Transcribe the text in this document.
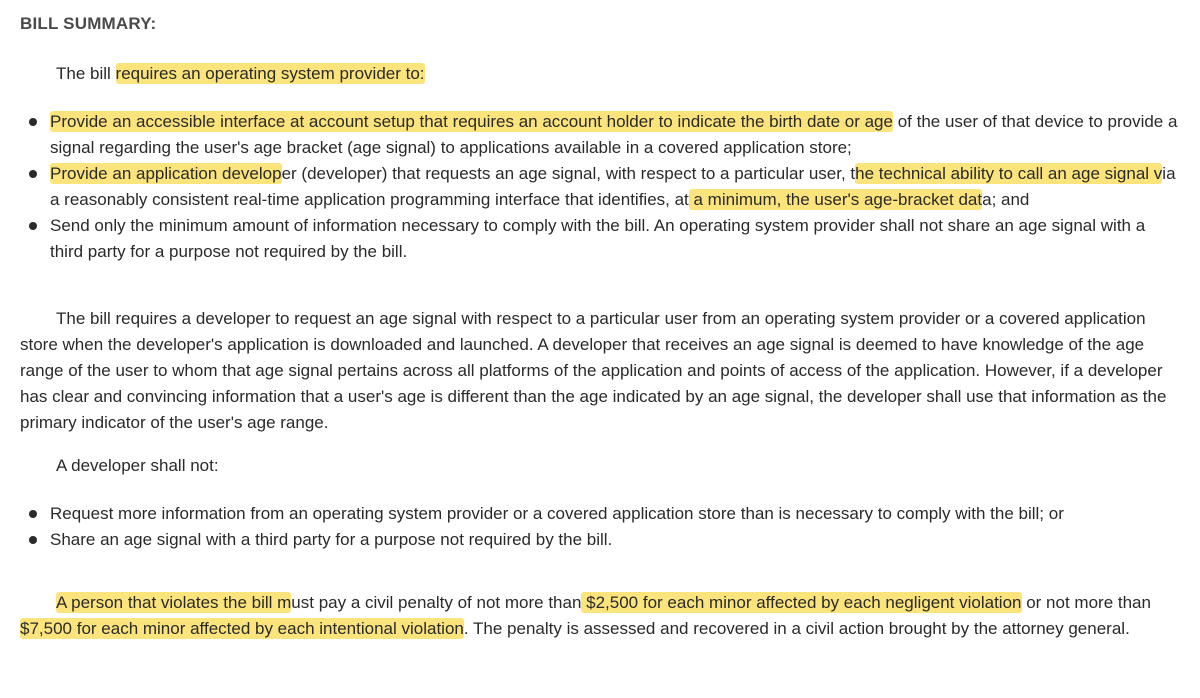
BILL SUMMARY:
The bill requires an operating system provider to:
Provide an accessible interface at account setup that requires an account holder to indicate the birth date or age of the user of that device to provide a signal regarding the user's age bracket (age signal) to applications available in a covered application store;
Provide an application developer (developer) that requests an age signal, with respect to a particular user, the technical ability to call an age signal via a reasonably consistent real-time application programming interface that identifies, at a minimum, the user's age-bracket data; and
Send only the minimum amount of information necessary to comply with the bill. An operating system provider shall not share an age signal with a third party for a purpose not required by the bill.
The bill requires a developer to request an age signal with respect to a particular user from an operating system provider or a covered application store when the developer's application is downloaded and launched. A developer that receives an age signal is deemed to have knowledge of the age range of the user to whom that age signal pertains across all platforms of the application and points of access of the application. However, if a developer has clear and convincing information that a user's age is different than the age indicated by an age signal, the developer shall use that information as the primary indicator of the user's age range.
A developer shall not:
Request more information from an operating system provider or a covered application store than is necessary to comply with the bill; or
Share an age signal with a third party for a purpose not required by the bill.
A person that violates the bill must pay a civil penalty of not more than $2,500 for each minor affected by each negligent violation or not more than $7,500 for each minor affected by each intentional violation. The penalty is assessed and recovered in a civil action brought by the attorney general.
